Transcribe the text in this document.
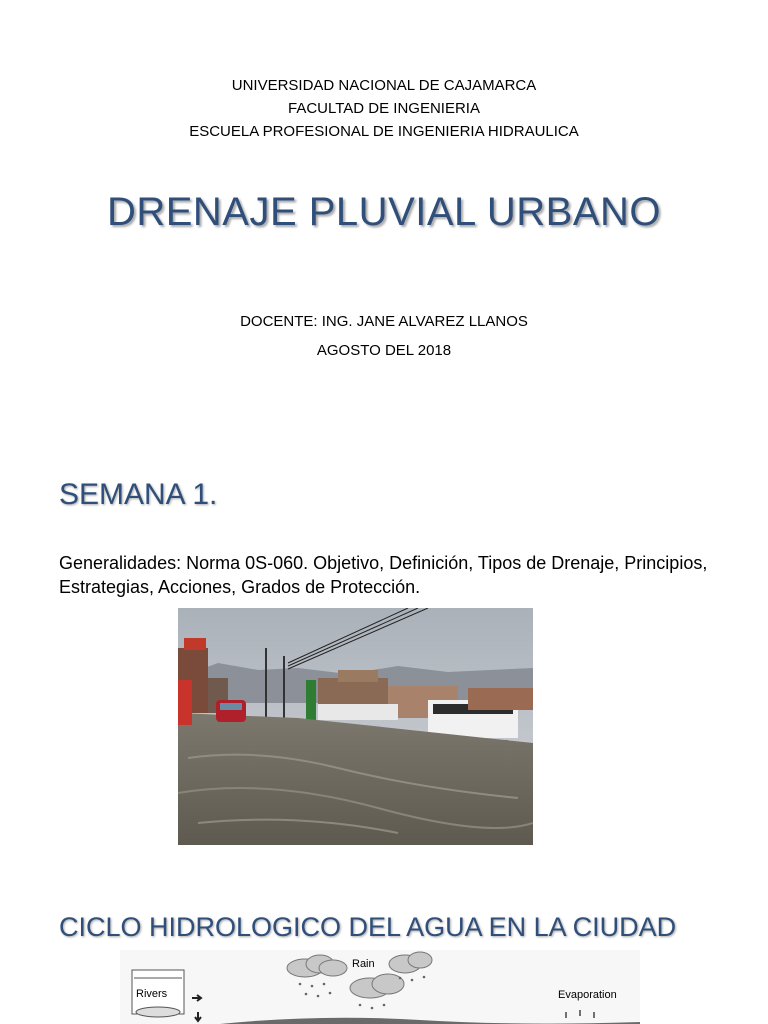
UNIVERSIDAD NACIONAL DE CAJAMARCA
FACULTAD DE INGENIERIA
ESCUELA PROFESIONAL DE INGENIERIA HIDRAULICA
DRENAJE PLUVIAL URBANO
DOCENTE: ING. JANE ALVAREZ LLANOS
AGOSTO DEL 2018
SEMANA 1.
Generalidades: Norma 0S-060. Objetivo, Definición, Tipos de Drenaje, Principios, Estrategias, Acciones, Grados de Protección.
CICLO HIDROLOGICO DEL AGUA EN LA CIUDAD
Rain
Rivers	Evaporation
